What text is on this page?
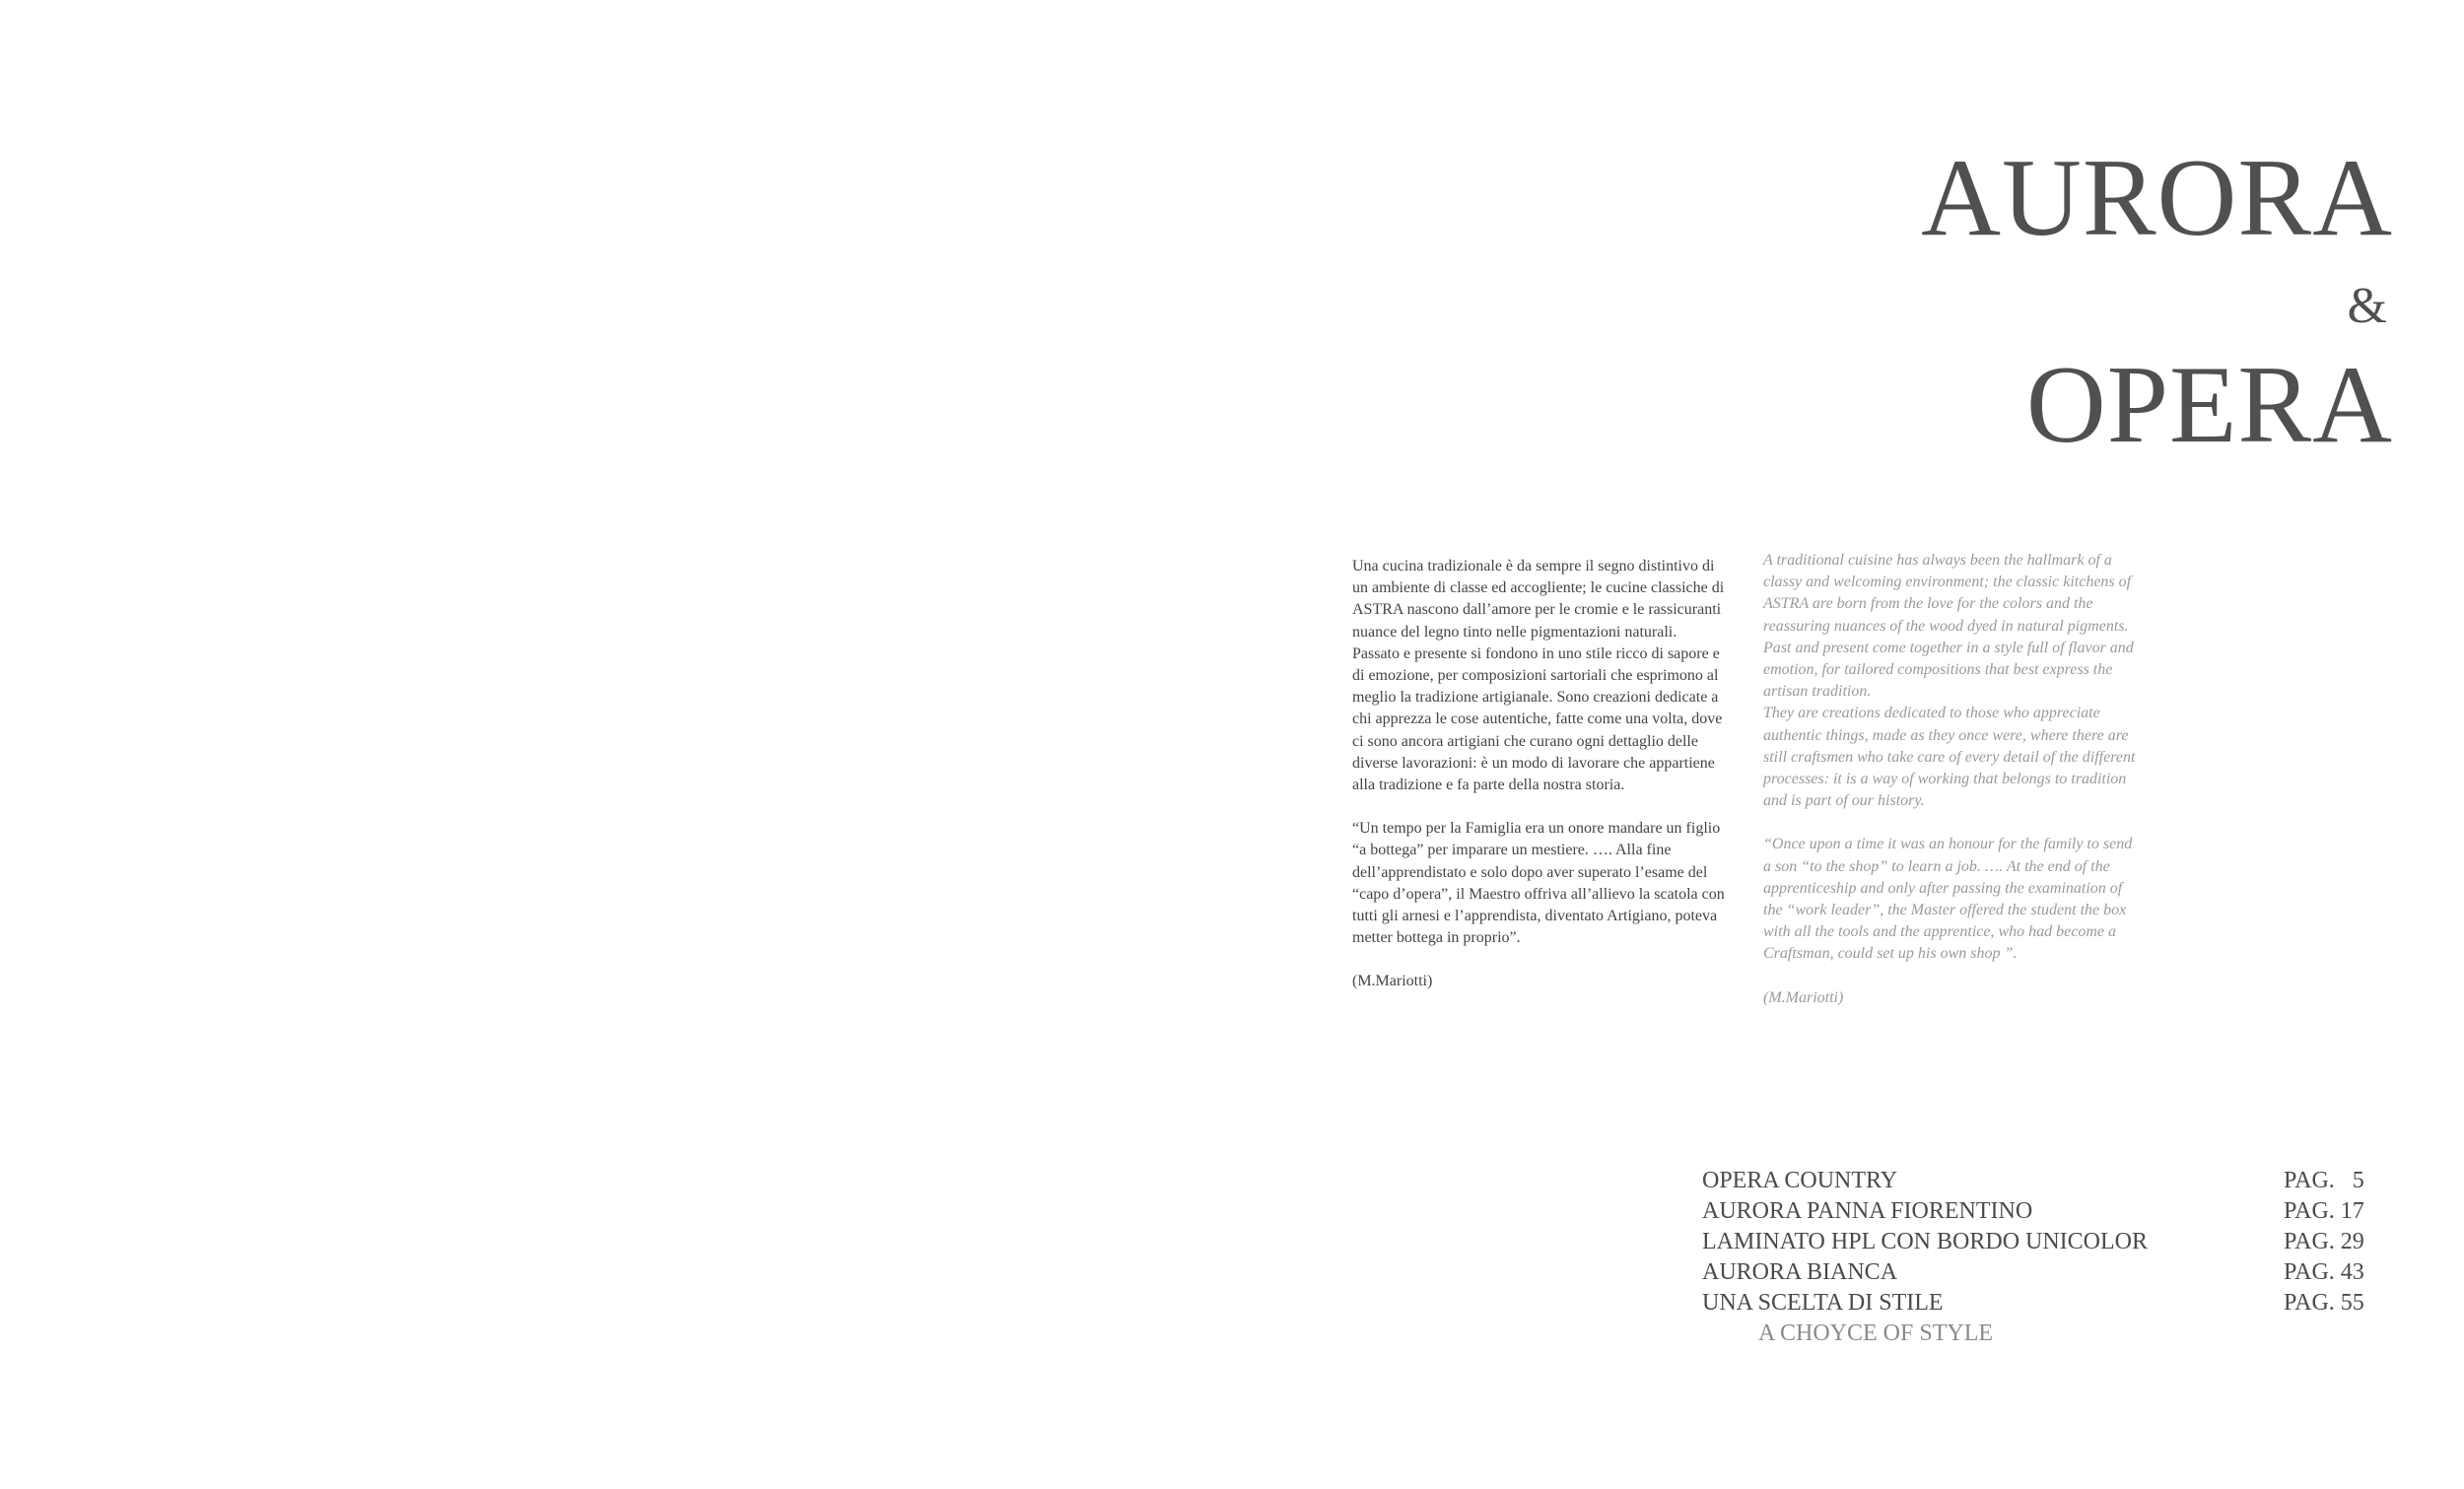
AURORA
&
OPERA

Una cucina tradizionale è da sempre il segno distintivo di un ambiente di classe ed accogliente; le cucine classiche di ASTRA nascono dall’amore per le cromie e le rassicuranti nuance del legno tinto nelle pigmentazioni naturali. Passato e presente si fondono in uno stile ricco di sapore e di emozione, per composizioni sartoriali che esprimono al meglio la tradizione artigianale. Sono creazioni dedicate a chi apprezza le cose autentiche, fatte come una volta, dove ci sono ancora artigiani che curano ogni dettaglio delle diverse lavorazioni: è un modo di lavorare che appartiene alla tradizione e fa parte della nostra storia.

“Un tempo per la Famiglia era un onore mandare un figlio “a bottega” per imparare un mestiere. …. Alla fine dell’apprendistato e solo dopo aver superato l’esame del “capo d’opera”, il Maestro offriva all’allievo la scatola con tutti gli arnesi e l’apprendista, diventato Artigiano, poteva metter bottega in proprio”.

(M.Mariotti)

A traditional cuisine has always been the hallmark of a classy and welcoming environment; the classic kitchens of ASTRA are born from the love for the colors and the reassuring nuances of the wood dyed in natural pigments. Past and present come together in a style full of flavor and emotion, for tailored compositions that best express the artisan tradition.

They are creations dedicated to those who appreciate authentic things, made as they once were, where there are still craftsmen who take care of every detail of the different processes: it is a way of working that belongs to tradition and is part of our history.

“Once upon a time it was an honour for the family to send a son “to the shop” to learn a job. …. At the end of the apprenticeship and only after passing the examination of the “work leader”, the Master offered the student the box with all the tools and the apprentice, who had become a Craftsman, could set up his own shop ”.

(M.Mariotti)

OPERA COUNTRY	PAG.   5
AURORA PANNA FIORENTINO	PAG. 17
LAMINATO HPL CON BORDO UNICOLOR	PAG. 29
AURORA BIANCA	PAG. 43
UNA SCELTA DI STILE	PAG. 55
A CHOYCE OF STYLE
